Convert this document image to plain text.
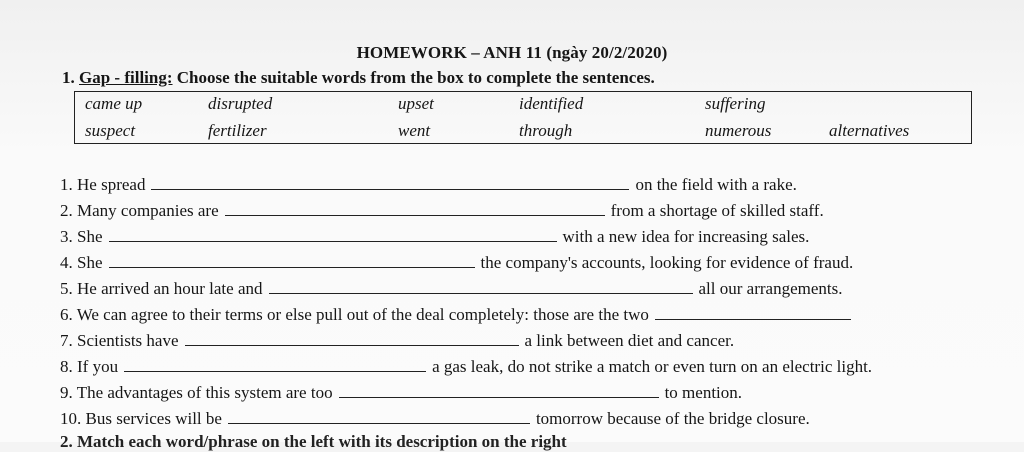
HOMEWORK – ANH 11 (ngày 20/2/2020)
1. Gap - filling: Choose the suitable words from the box to complete the sentences.
came up	disrupted	upset	identified	suffering
suspect	fertilizer	went	through	numerous	alternatives
1. He spread	on the field with a rake.
2. Many companies are	from a shortage of skilled staff.
3. She	with a new idea for increasing sales.
4. She	the company's accounts, looking for evidence of fraud.
5. He arrived an hour late and	all our arrangements.
6. We can agree to their terms or else pull out of the deal completely: those are the two
7. Scientists have	a link between diet and cancer.
8. If you	a gas leak, do not strike a match or even turn on an electric light.
9. The advantages of this system are too	to mention.
10. Bus services will be	tomorrow because of the bridge closure.
2. Match each word/phrase on the left with its description on the right
